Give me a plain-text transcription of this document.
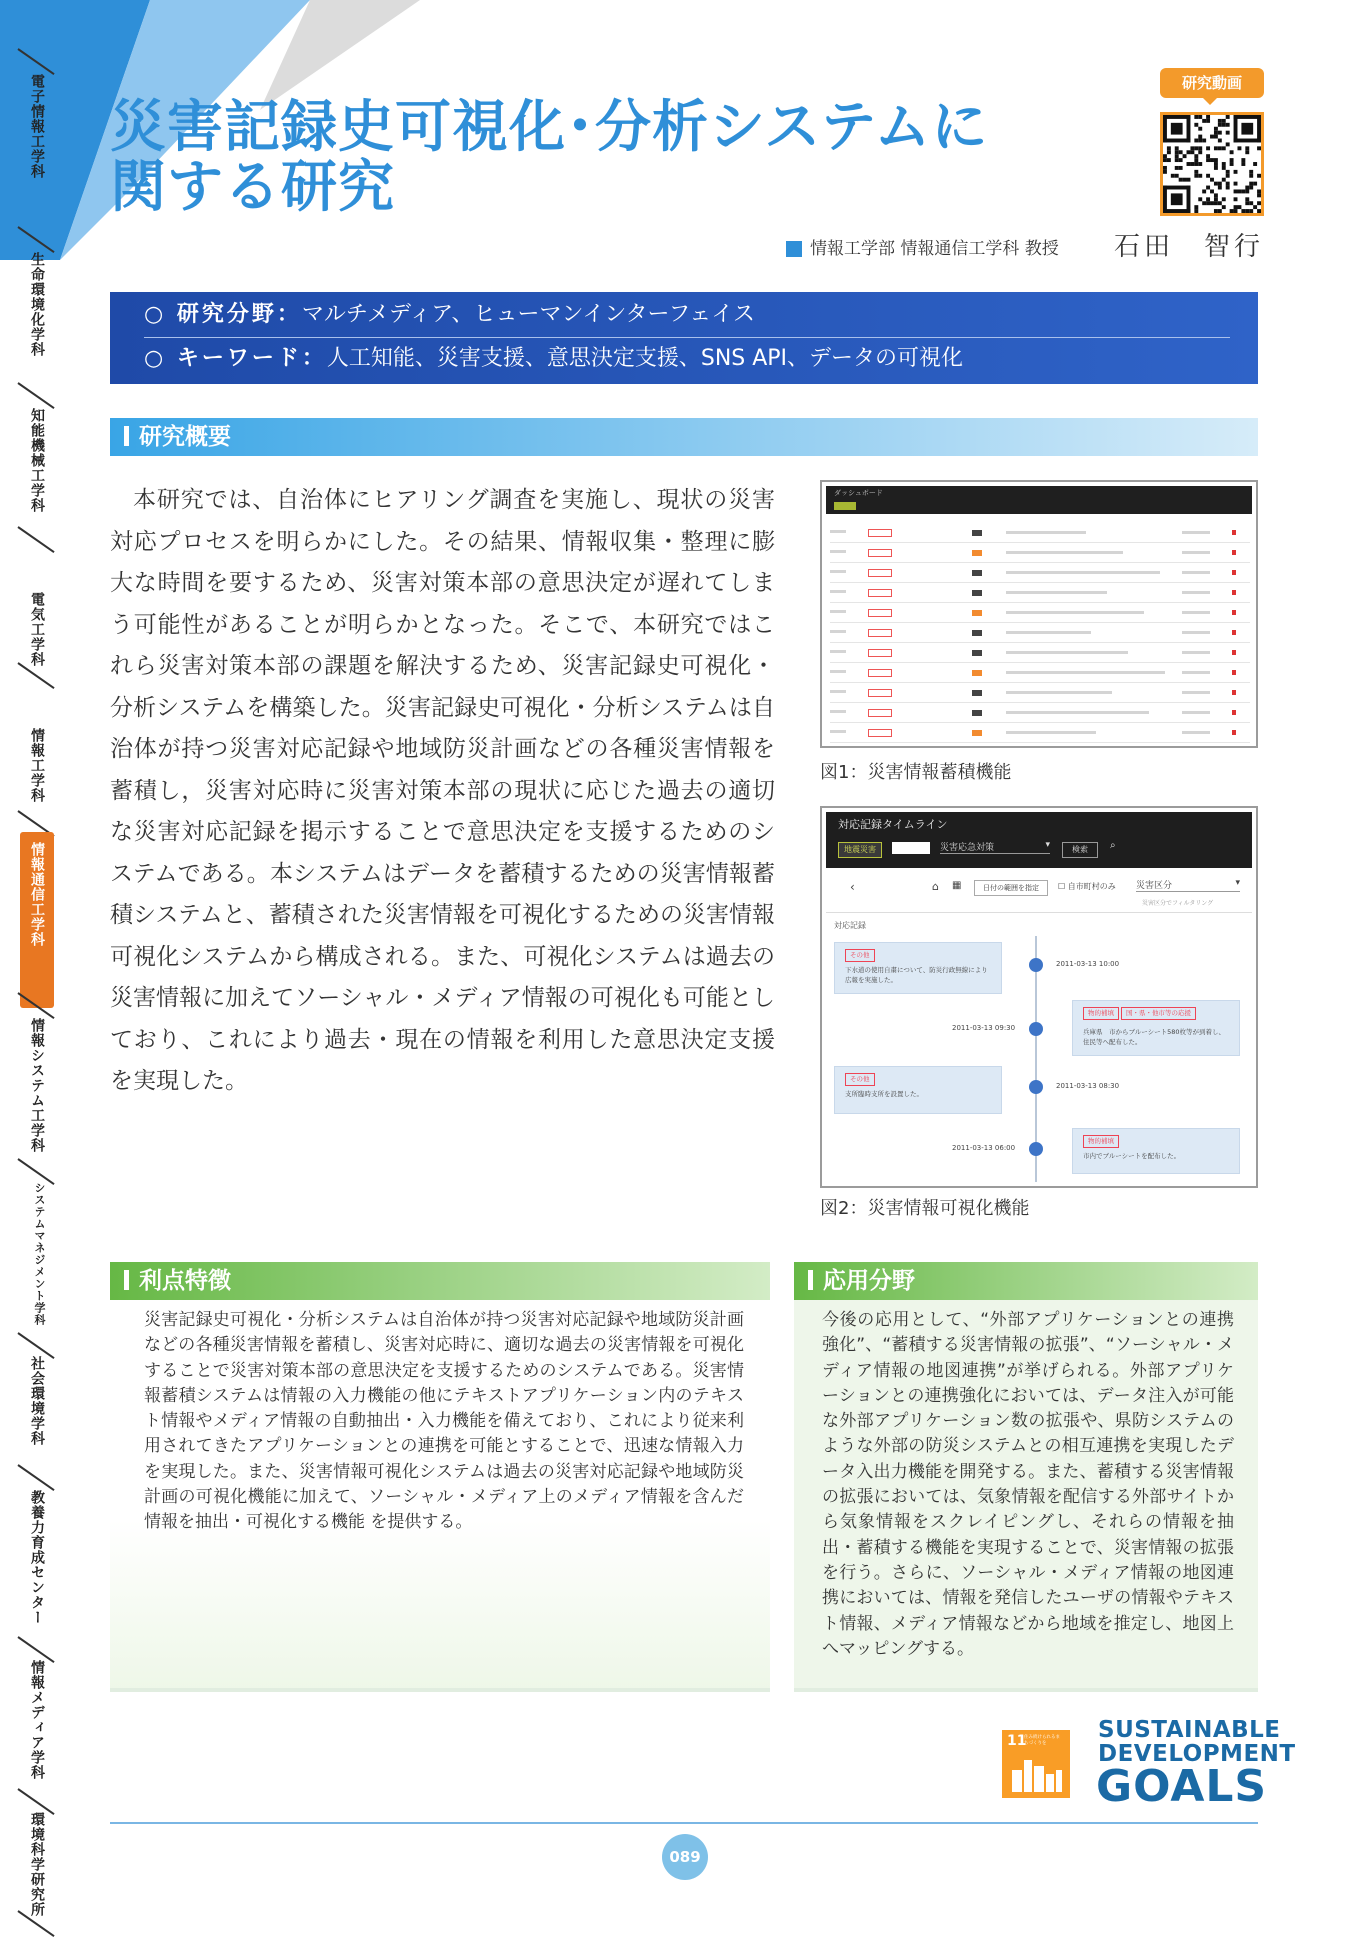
電子情報工学科
生命環境化学科
知能機械工学科
電気工学科
情報工学科
情報通信工学科
情報システム工学科
システムマネジメント学科
社会環境学科
教養力育成センター
情報メディア学科
環境科学研究所
災害記録史可視化･分析システムに
関する研究
研究動画
情報工学部 情報通信工学科 教授 石田　智行
○ 研究分野：マルチメディア、ヒューマンインターフェイス
○ キーワード：人工知能、災害支援、意思決定支援、SNS API、データの可視化
研究概要
本研究では、自治体にヒアリング調査を実施し、現状の災害対応プロセスを明らかにした。その結果、情報収集・整理に膨大な時間を要するため、災害対策本部の意思決定が遅れてしまう可能性があることが明らかとなった。そこで、本研究ではこれら災害対策本部の課題を解決するため、災害記録史可視化・分析システムを構築した。災害記録史可視化・分析システムは自治体が持つ災害対応記録や地域防災計画などの各種災害情報を蓄積し，災害対応時に災害対策本部の現状に応じた過去の適切な災害対応記録を掲示することで意思決定を支援するためのシステムである。本システムはデータを蓄積するための災害情報蓄積システムと、蓄積された災害情報を可視化するための災害情報可視化システムから構成される。また、可視化システムは過去の災害情報に加えてソーシャル・メディア情報の可視化も可能としており、これにより過去・現在の情報を利用した意思決定支援を実現した。
ダッシュボード
図1：災害情報蓄積機能
対応記録タイムライン
地震災害	災害応急対策	▾	検索	⌕
‹	⌂ ▦	日付の範囲を指定	☐ 自市町村のみ 災害区分	▾
災害区分でフィルタリング
対応記録
その他
下水道の使用自粛について、防災行政無線により広報を実施した。
2011-03-13 10:00
物的補填	国・県・他市等の応援
兵庫県　市からブルーシート580枚等が到着し、住民等へ配布した。
2011-03-13 09:30
その他
支所臨時支所を設置した。
2011-03-13 08:30
物的補填
市内でブルーシートを配布した。
2011-03-13 06:00
図2：災害情報可視化機能
利点特徴
災害記録史可視化・分析システムは自治体が持つ災害対応記録や地域防災計画などの各種災害情報を蓄積し、災害対応時に、適切な過去の災害情報を可視化することで災害対策本部の意思決定を支援するためのシステムである。災害情報蓄積システムは情報の入力機能の他にテキストアプリケーション内のテキスト情報やメディア情報の自動抽出・入力機能を備えており、これにより従来利用されてきたアプリケーションとの連携を可能とすることで、迅速な情報入力を実現した。また、災害情報可視化システムは過去の災害対応記録や地域防災計画の可視化機能に加えて、ソーシャル・メディア上のメディア情報を含んだ情報を抽出・可視化する機能 を提供する。
応用分野
今後の応用として、“外部アプリケーションとの連携強化”、“蓄積する災害情報の拡張”、“ソーシャル・メディア情報の地図連携”が挙げられる。外部アプリケーションとの連携強化においては、データ注入が可能な外部アプリケーション数の拡張や、県防システムのような外部の防災システムとの相互連携を実現したデータ入出力機能を開発する。また、蓄積する災害情報の拡張においては、気象情報を配信する外部サイトから気象情報をスクレイピングし、それらの情報を抽出・蓄積する機能を実現することで、災害情報の拡張を行う。さらに、ソーシャル・メディア情報の地図連携においては、情報を発信したユーザの情報やテキスト情報、メディア情報などから地域を推定し、地図上へマッピングする。
11
住み続けられるまちづくりを
SUSTAINABLE
DEVELOPMENT
GOALS
089
